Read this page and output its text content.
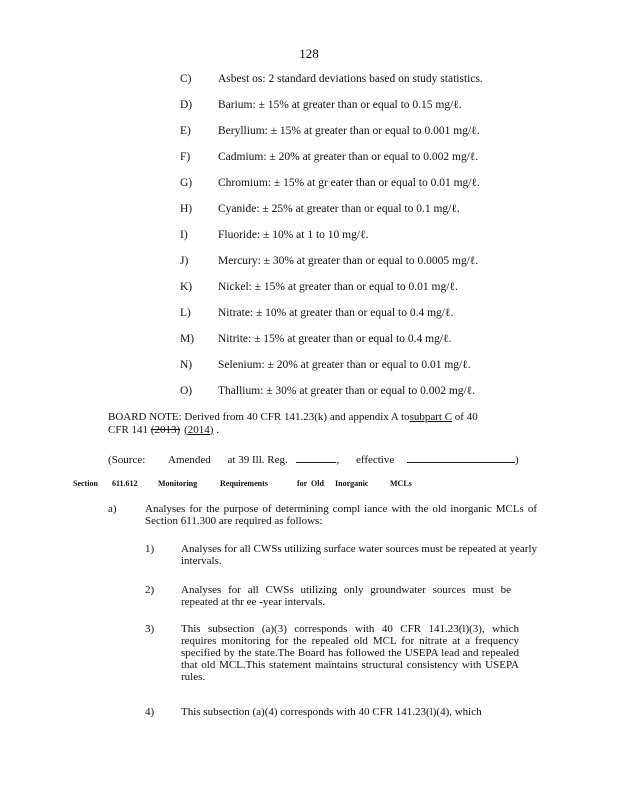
128
C) Asbest os: 2 standard deviations based on study statistics.
D) Barium: ± 15% at greater than or equal to 0.15 mg/ℓ.
E) Beryllium: ± 15% at greater than or equal to 0.001 mg/ℓ.
F) Cadmium: ± 20% at greater than or equal to 0.002 mg/ℓ.
G) Chromium: ± 15% at gr eater than or equal to 0.01 mg/ℓ.
H) Cyanide: ± 25% at greater than or equal to 0.1 mg/ℓ.
I)	Fluoride: ± 10% at 1 to 10 mg/ℓ.
J)	Mercury: ± 30% at greater than or equal to 0.0005 mg/ℓ.
K) Nickel: ± 15% at greater than or equal to 0.01 mg/ℓ.
L) Nitrate: ± 10% at greater than or equal to 0.4 mg/ℓ.
M) Nitrite: ± 15% at greater than or equal to 0.4 mg/ℓ.
N) Selenium: ± 20% at greater than or equal to 0.01 mg/ℓ.
O) Thallium: ± 30% at greater than or equal to 0.002 mg/ℓ.
BOARD NOTE: Derived from 40 CFR 141.23(k) and appendix A tosubpart C of 40
CFR 141 (2013) (2014) .
(Source: Amended at 39 Ill. Reg.	, effective	)
Section 611.612	Monitoring	Requirements	for Old Inorganic	MCLs
a)	Analyses for the purpose of determining compl iance with the old inorganic MCLs of Section 611.300 are required as follows:
1) Analyses for all CWSs utilizing surface water sources must be repeated at yearly intervals.
2) Analyses for all CWSs utilizing only groundwater sources must be repeated at thr ee -year intervals.
3) This subsection (a)(3) corresponds with 40 CFR 141.23(l)(3), which requires monitoring for the repealed old MCL for nitrate at a frequency specified by the state.The Board has followed the USEPA lead and repealed that old MCL.This statement maintains structural consistency with USEPA rules.
4) This subsection (a)(4) corresponds with 40 CFR 141.23(l)(4), which
